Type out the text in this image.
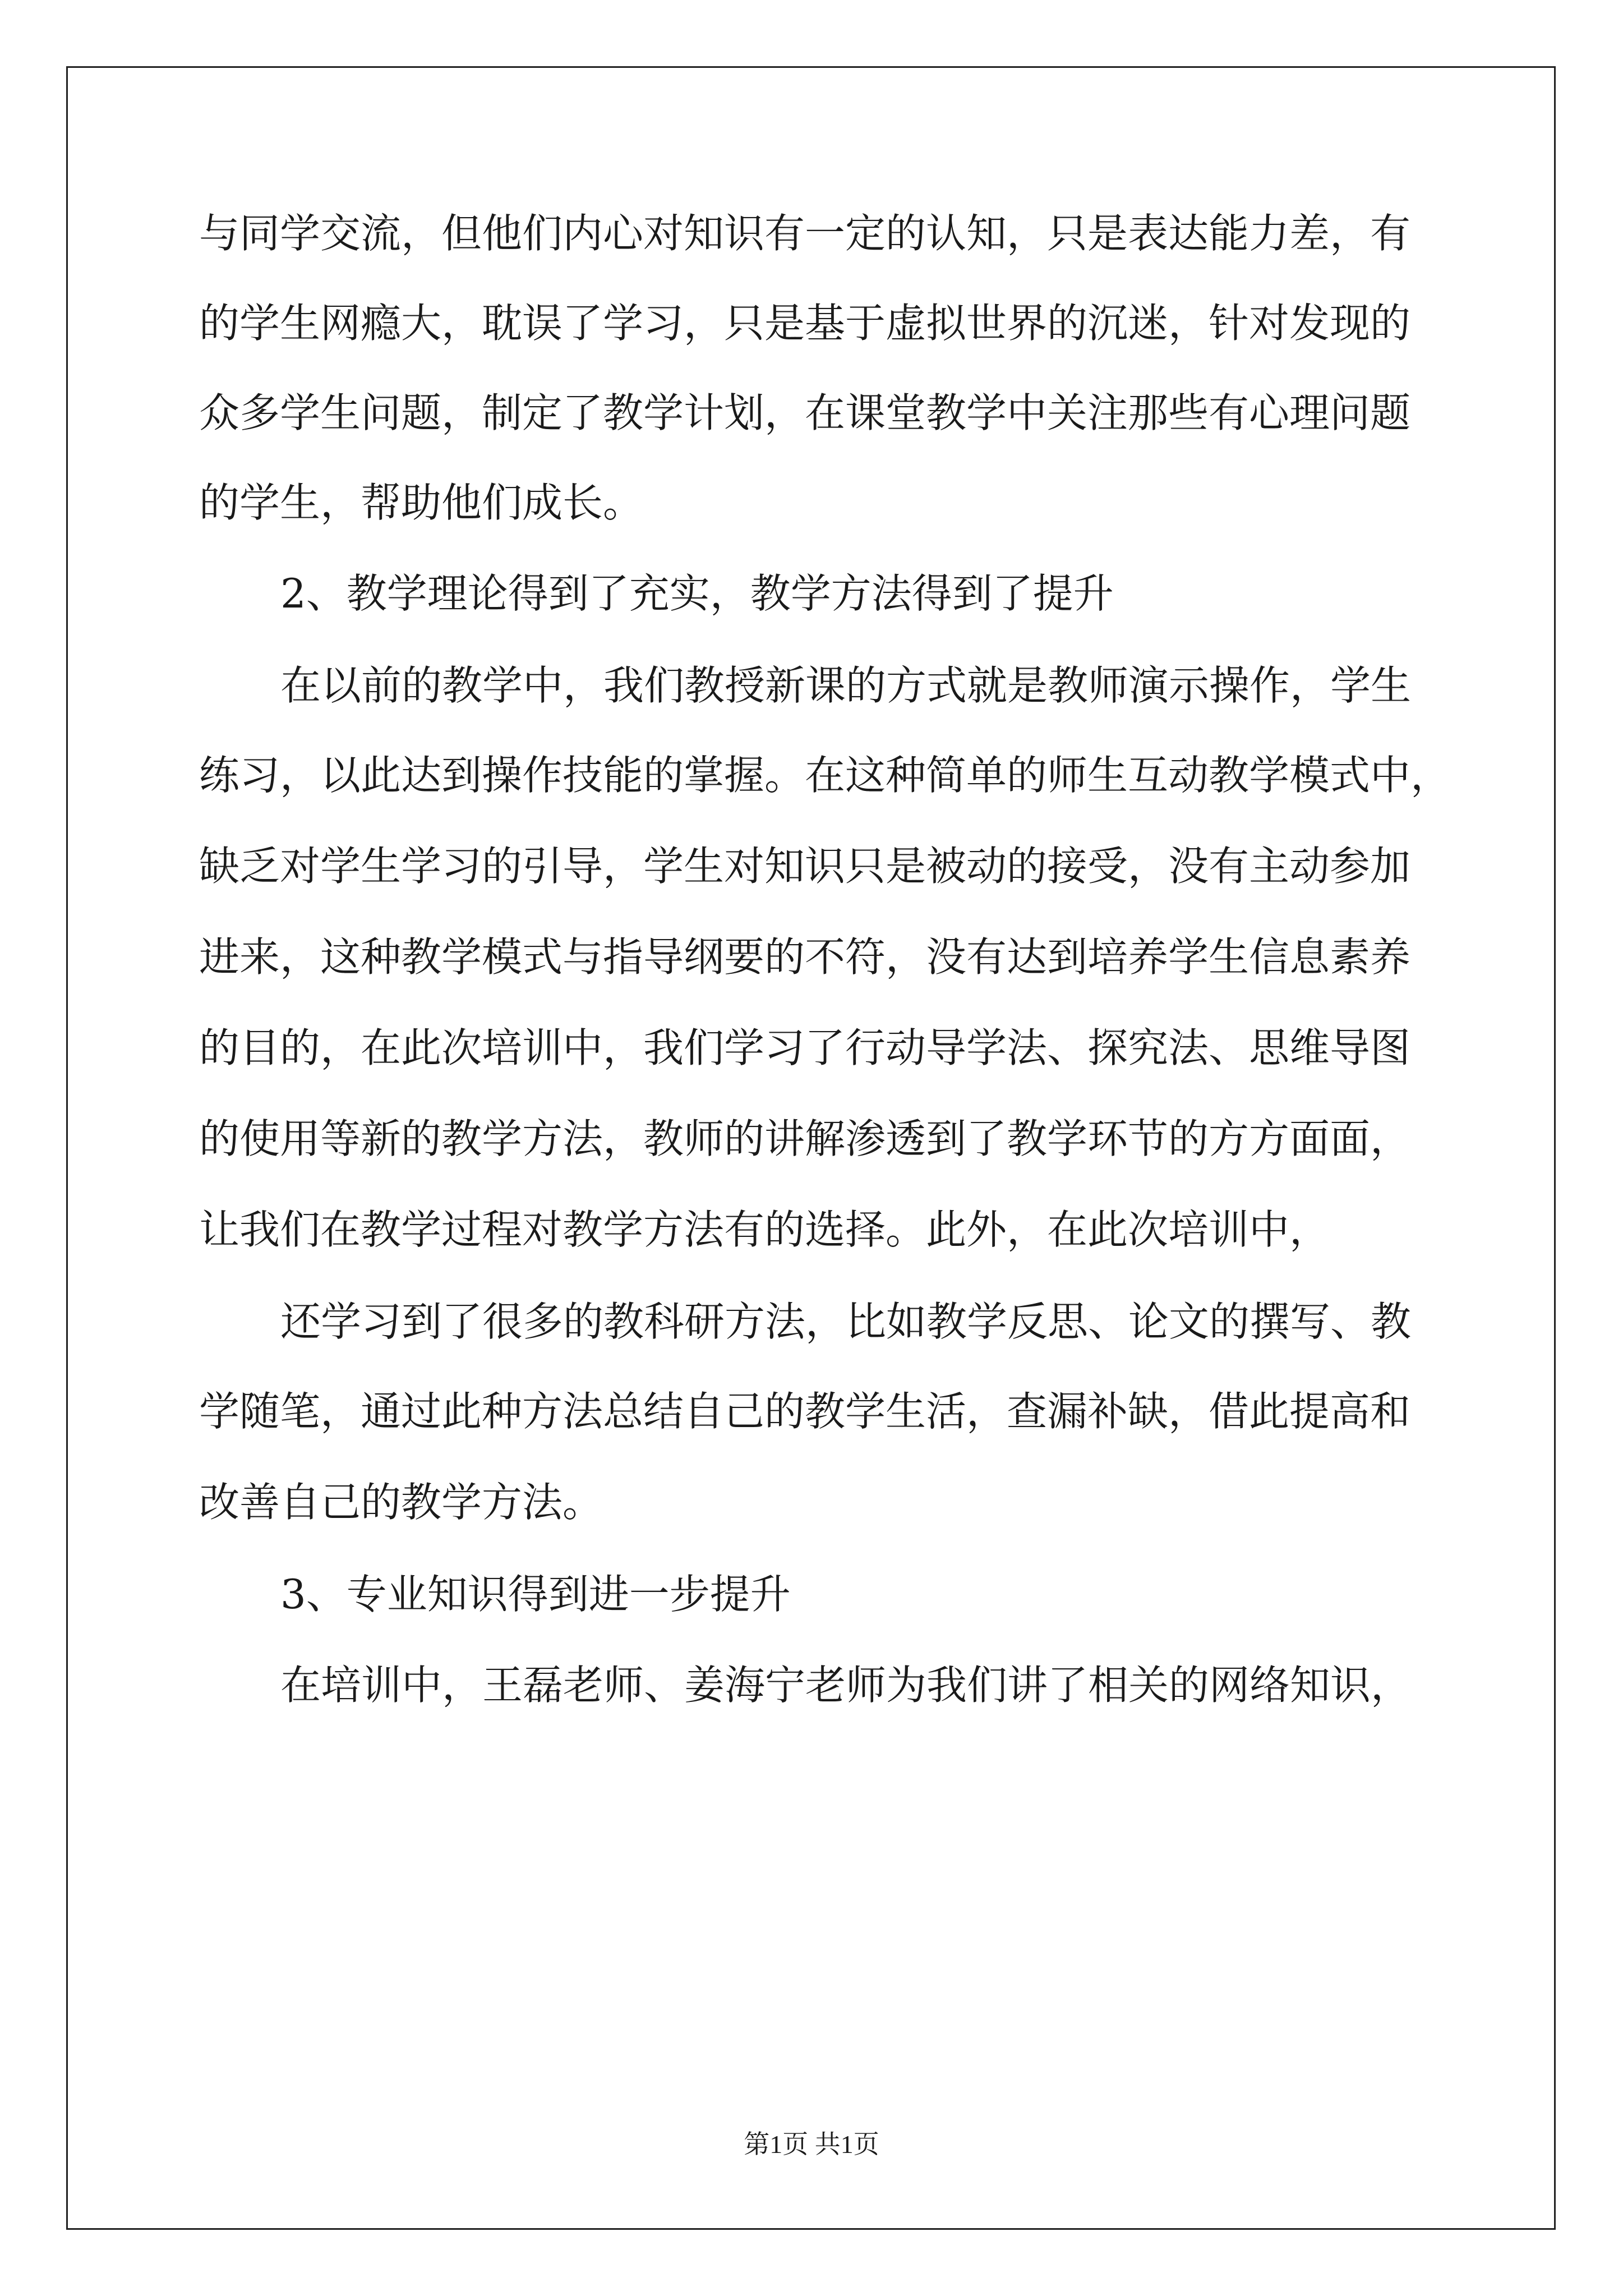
与同学交流，但他们内心对知识有一定的认知，只是表达能力差，有
的学生网瘾大，耽误了学习，只是基于虚拟世界的沉迷，针对发现的
众多学生问题，制定了教学计划，在课堂教学中关注那些有心理问题
的学生，帮助他们成长。
2、教学理论得到了充实，教学方法得到了提升
在以前的教学中，我们教授新课的方式就是教师演示操作，学生
练习，以此达到操作技能的掌握。在这种简单的师生互动教学模式中，
缺乏对学生学习的引导，学生对知识只是被动的接受，没有主动参加
进来，这种教学模式与指导纲要的不符，没有达到培养学生信息素养
的目的，在此次培训中，我们学习了行动导学法、探究法、思维导图
的使用等新的教学方法，教师的讲解渗透到了教学环节的方方面面，
让我们在教学过程对教学方法有的选择。此外，在此次培训中，
还学习到了很多的教科研方法，比如教学反思、论文的撰写、教
学随笔，通过此种方法总结自己的教学生活，查漏补缺，借此提高和
改善自己的教学方法。
3、专业知识得到进一步提升
在培训中，王磊老师、姜海宁老师为我们讲了相关的网络知识，
第1页 共1页
